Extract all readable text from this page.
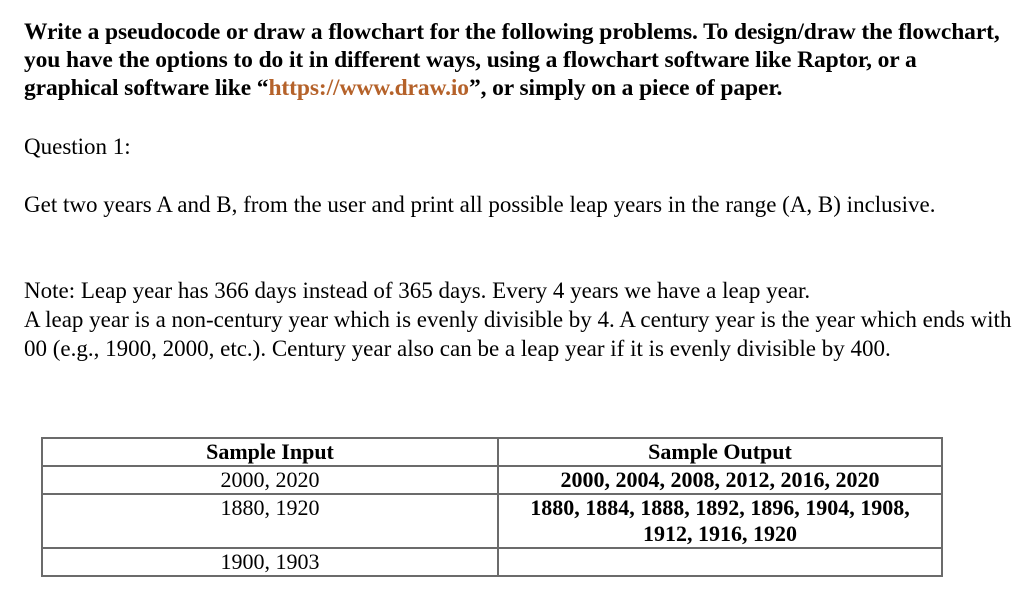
Write a pseudocode or draw a flowchart for the following problems. To design/draw the flowchart, you have the options to do it in different ways, using a flowchart software like Raptor, or a graphical software like “https://www.draw.io”, or simply on a piece of paper.
Question 1:
Get two years A and B, from the user and print all possible leap years in the range (A, B) inclusive.

Note: Leap year has 366 days instead of 365 days. Every 4 years we have a leap year.

A leap year is a non-century year which is evenly divisible by 4. A century year is the year which ends with 00 (e.g., 1900, 2000, etc.). Century year also can be a leap year if it is evenly divisible by 400.

Sample Input	Sample Output
2000, 2020	2000, 2004, 2008, 2012, 2016, 2020
1880, 1920	1880, 1884, 1888, 1892, 1896, 1904, 1908, 1912, 1916, 1920
1900, 1903	
